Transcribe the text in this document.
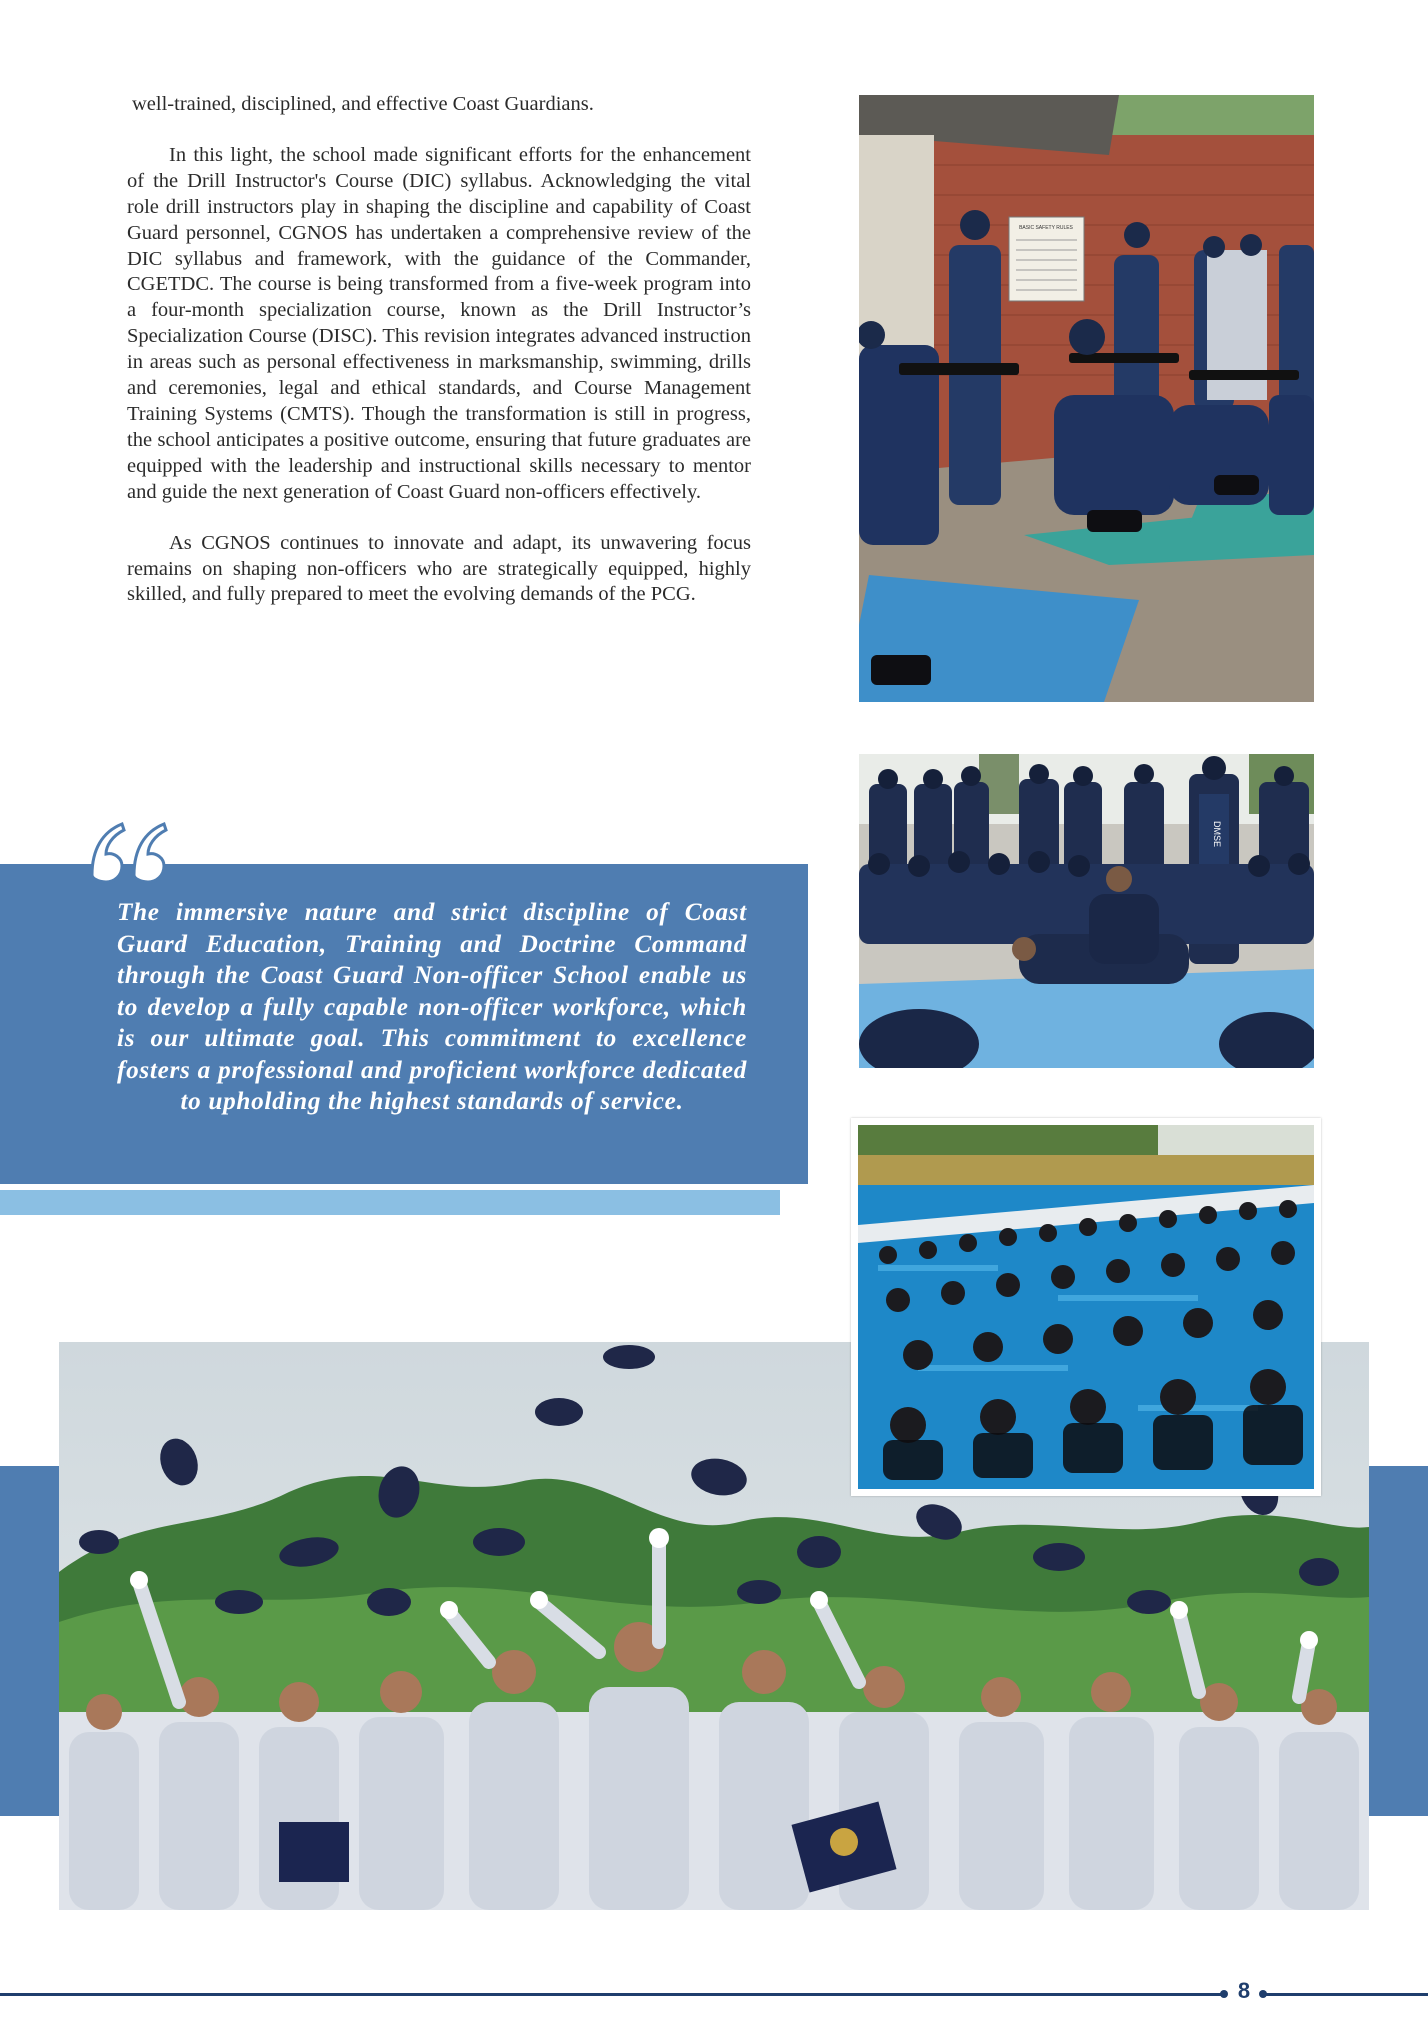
well-trained, disciplined, and effective Coast Guardians.

In this light, the school made significant efforts for the enhancement of the Drill Instructor's Course (DIC) syllabus. Acknowledging the vital role drill instructors play in shaping the discipline and capability of Coast Guard personnel, CGNOS has undertaken a comprehensive review of the DIC syllabus and framework, with the guidance of the Commander, CGETDC. The course is being transformed from a five-week program into a four-month specialization course, known as the Drill Instructor’s Specialization Course (DISC). This revision integrates advanced instruction in areas such as personal effectiveness in marksmanship, swimming, drills and ceremonies, legal and ethical standards, and Course Management Training Systems (CMTS). Though the transformation is still in progress, the school anticipates a positive outcome, ensuring that future graduates are equipped with the leadership and instructional skills necessary to mentor and guide the next generation of Coast Guard non-officers effectively.

As CGNOS continues to innovate and adapt, its unwavering focus remains on shaping non-officers who are strategically equipped, highly skilled, and fully prepared to meet the evolving demands of the PCG.

BASIC SAFETY RULES
DMSE
The immersive nature and strict discipline of Coast Guard Education, Training and Doctrine Command through the Coast Guard Non-officer School enable us to develop a fully capable non-officer workforce, which is our ultimate goal. This commitment to excellence fosters a professional and proficient workforce dedicated to upholding the highest standards of service.
8
